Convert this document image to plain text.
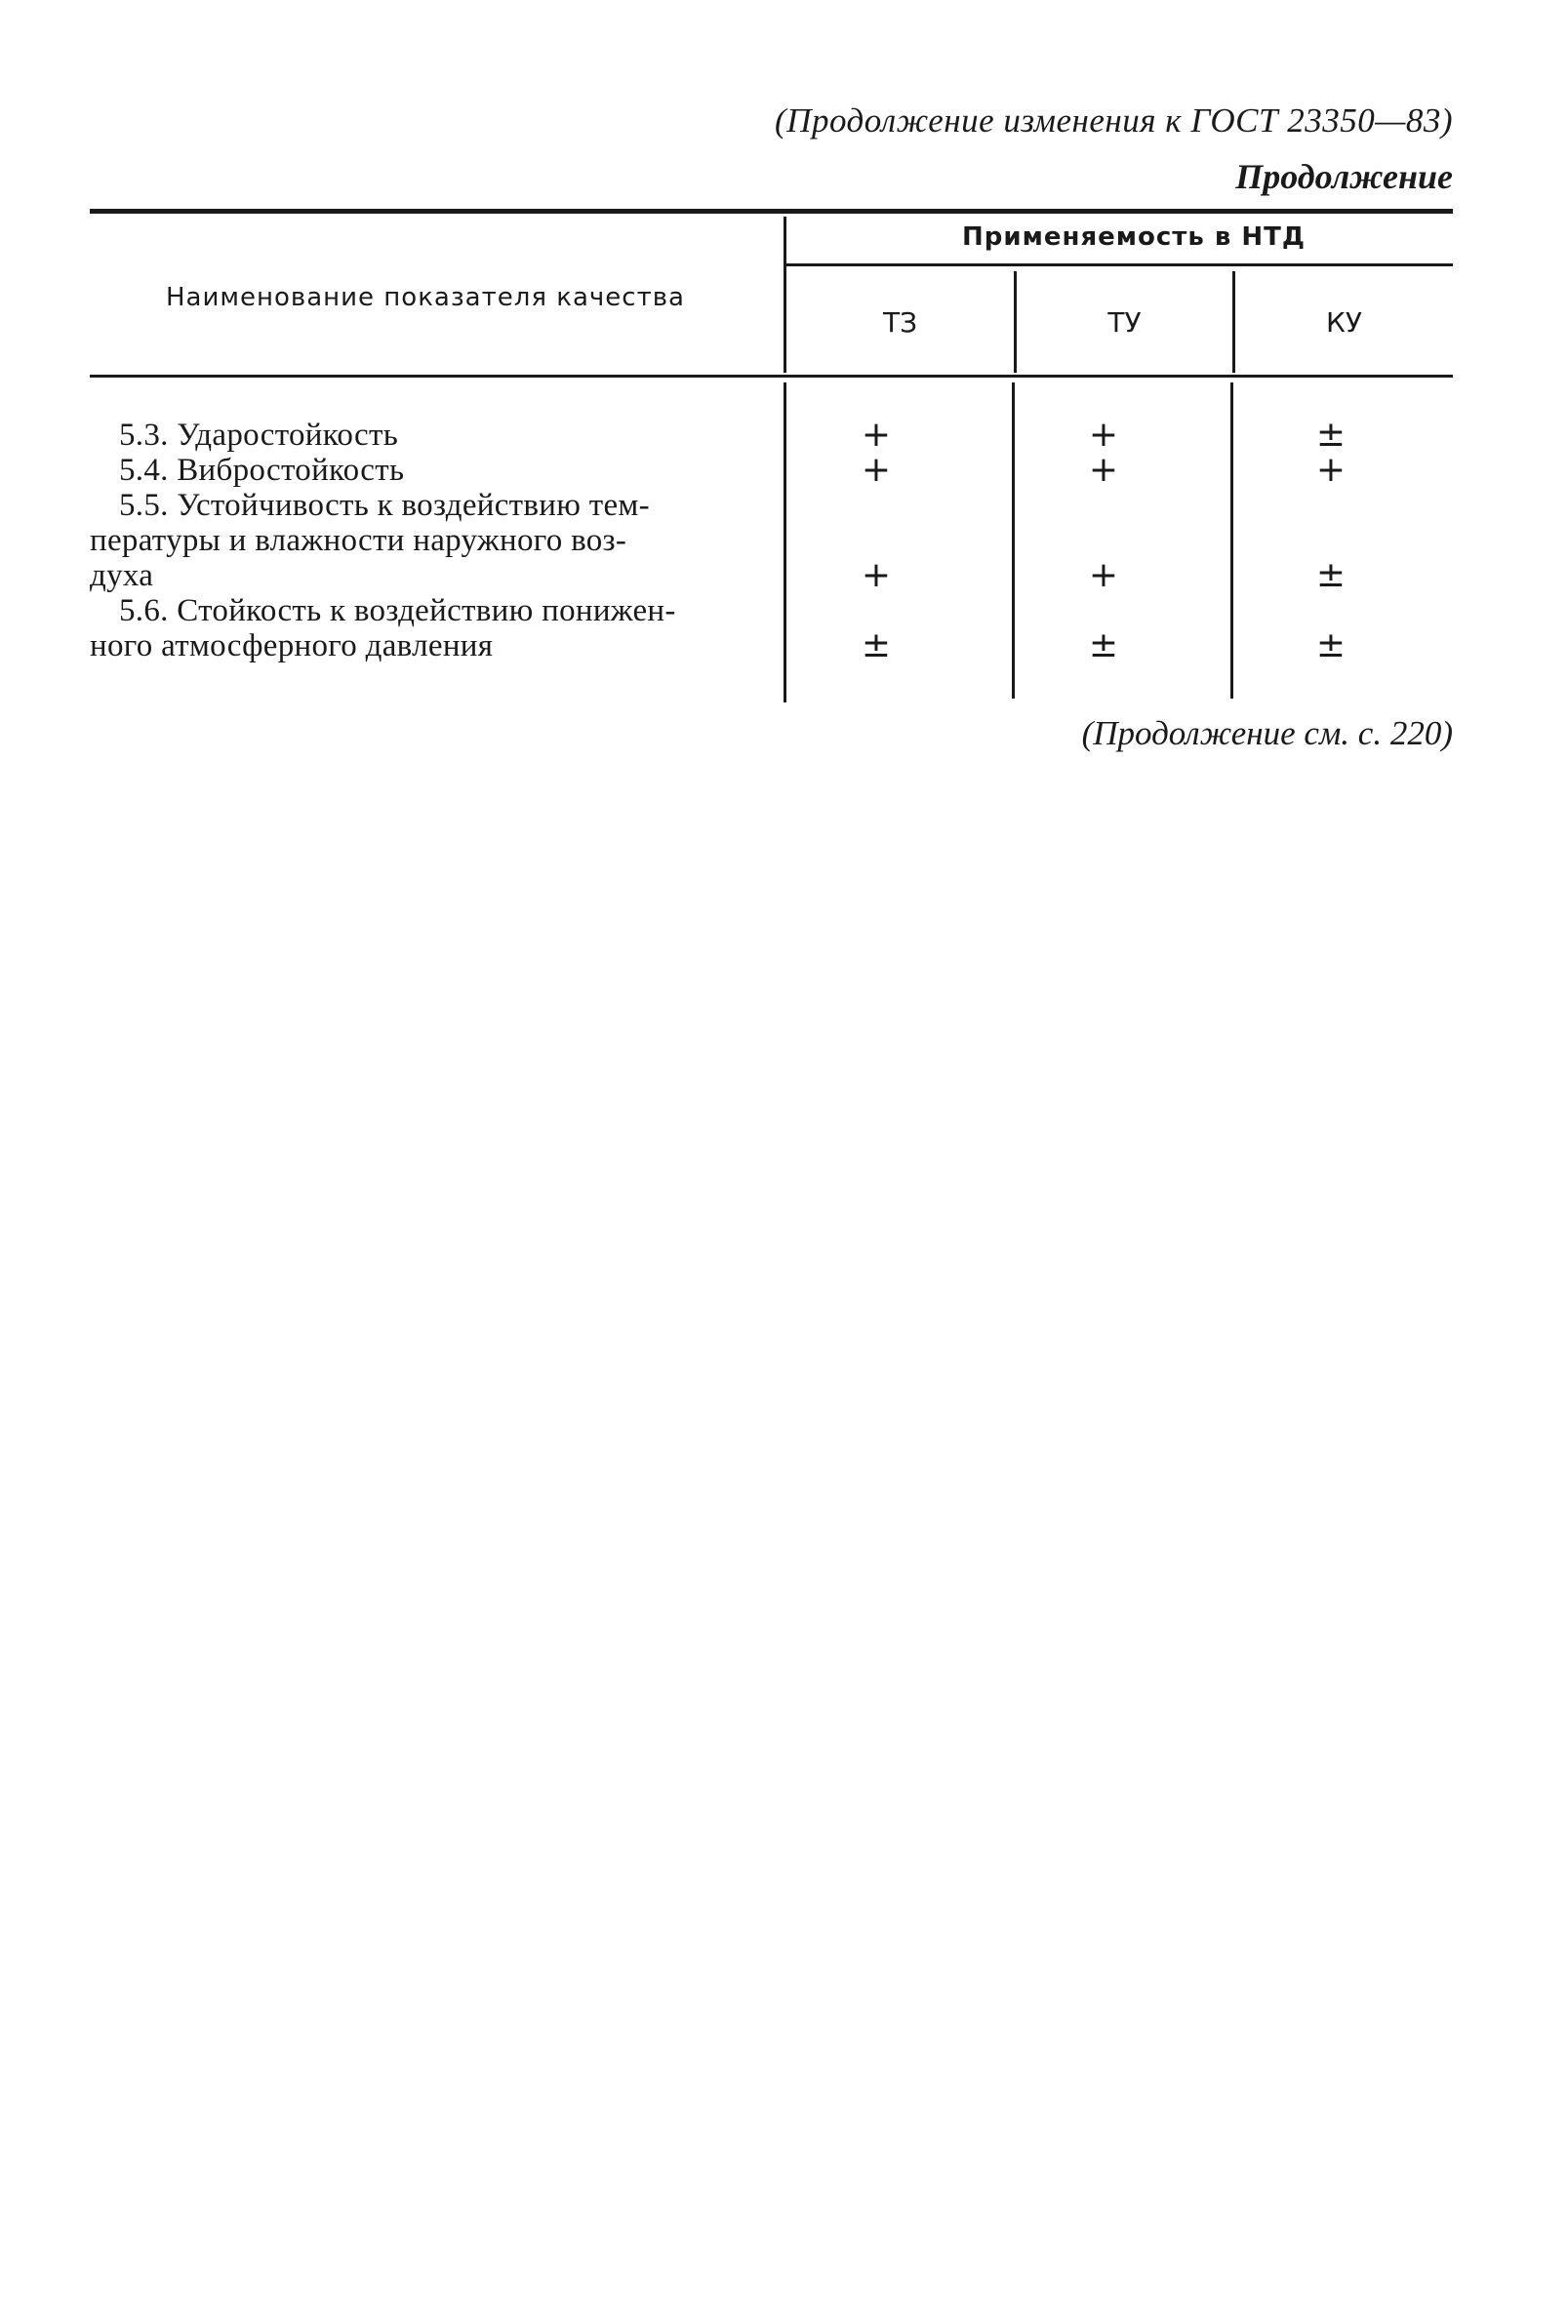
(Продолжение изменения к ГОСТ 23350—83)
Продолжение
Наименование показателя качества
Применяемость в НТД
ТЗ	ТУ	КУ
5.3. Ударостойкость	+	+	±
5.4. Вибростойкость	+	+	+
5.5. Устойчивость к воздействию тем-
пературы и влажности наружного воз-
духа	+	+	±
5.6. Стойкость к воздействию понижен-
ного атмосферного давления	±	±	±
(Продолжение см. с. 220)
